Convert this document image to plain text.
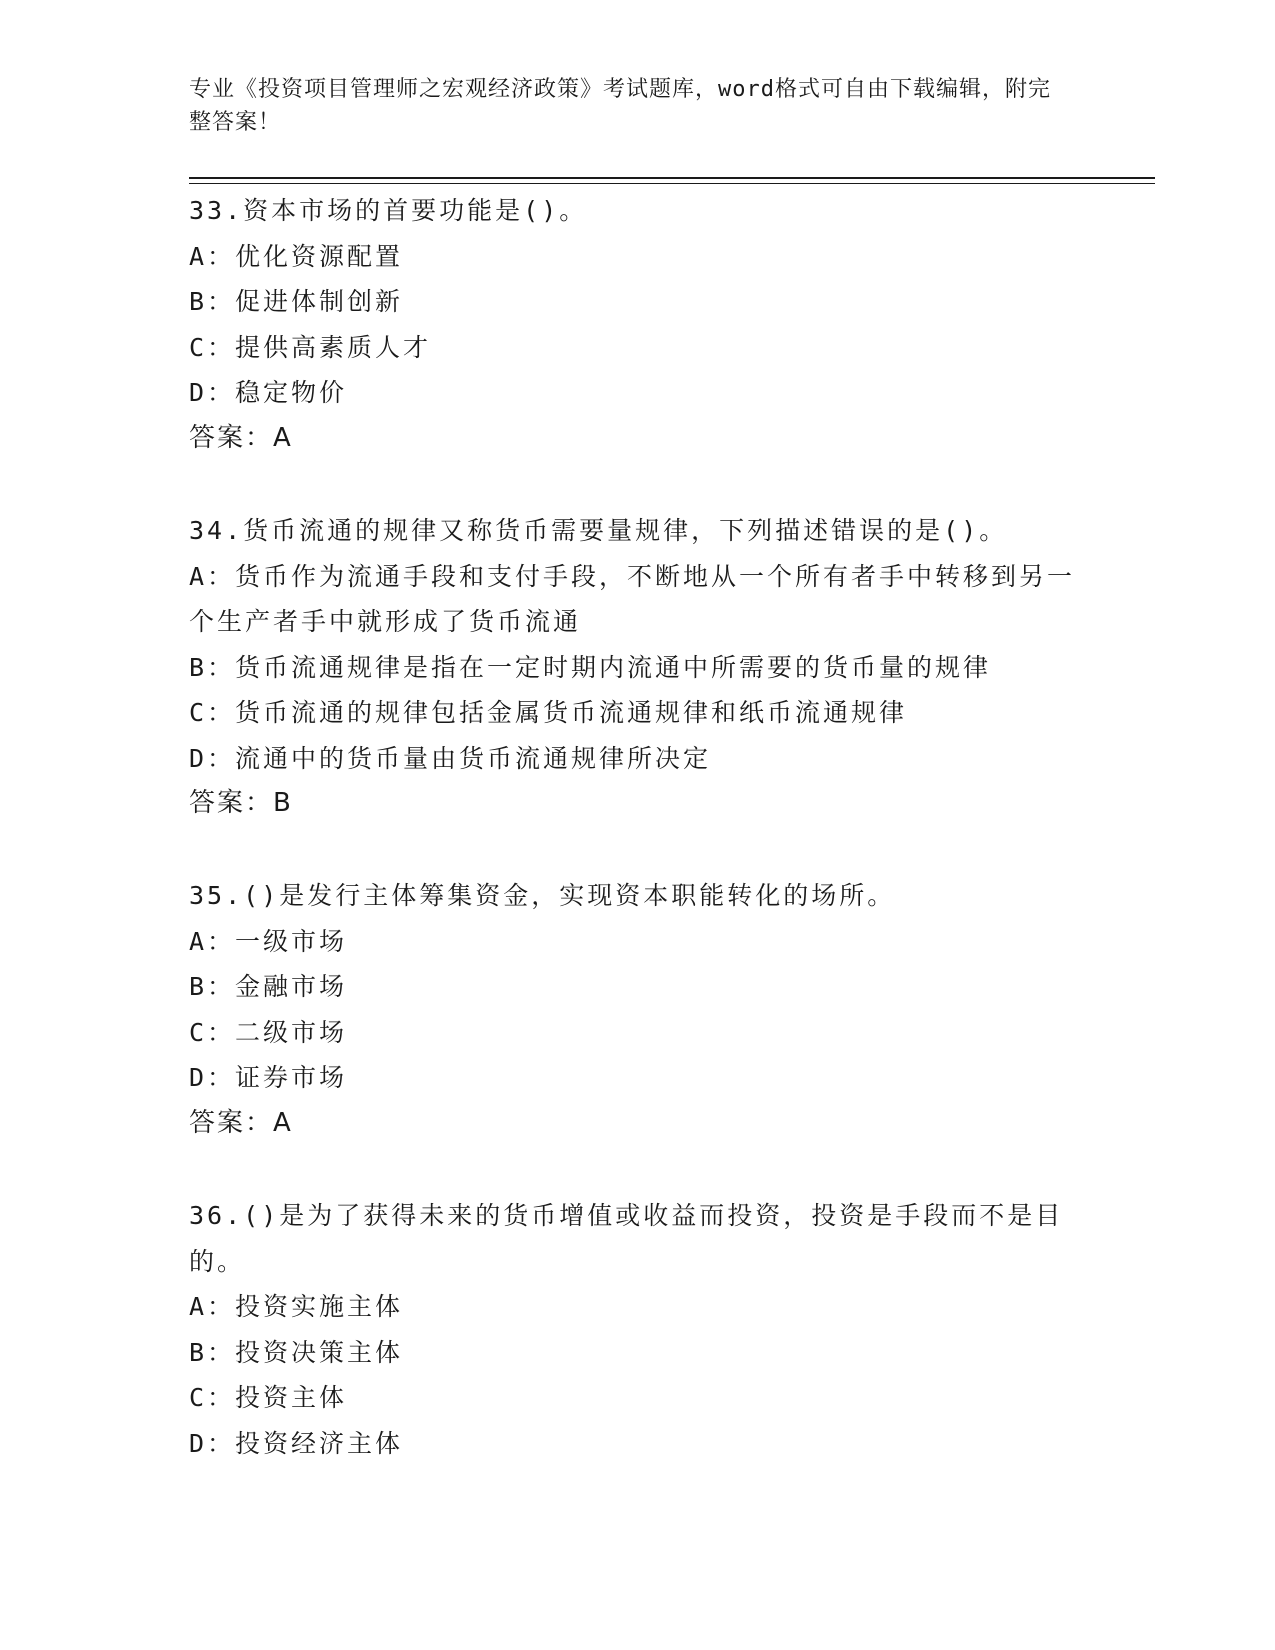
专业《投资项目管理师之宏观经济政策》考试题库，word格式可自由下载编辑，附完整答案！

33.资本市场的首要功能是()。

A：优化资源配置

B：促进体制创新

C：提供高素质人才

D：稳定物价

答案：A

34.货币流通的规律又称货币需要量规律，下列描述错误的是()。

A：货币作为流通手段和支付手段，不断地从一个所有者手中转移到另一个生产者手中就形成了货币流通

B：货币流通规律是指在一定时期内流通中所需要的货币量的规律

C：货币流通的规律包括金属货币流通规律和纸币流通规律

D：流通中的货币量由货币流通规律所决定

答案：B

35.()是发行主体筹集资金，实现资本职能转化的场所。

A：一级市场

B：金融市场

C：二级市场

D：证券市场

答案：A

36.()是为了获得未来的货币增值或收益而投资，投资是手段而不是目的。

A：投资实施主体

B：投资决策主体

C：投资主体

D：投资经济主体
